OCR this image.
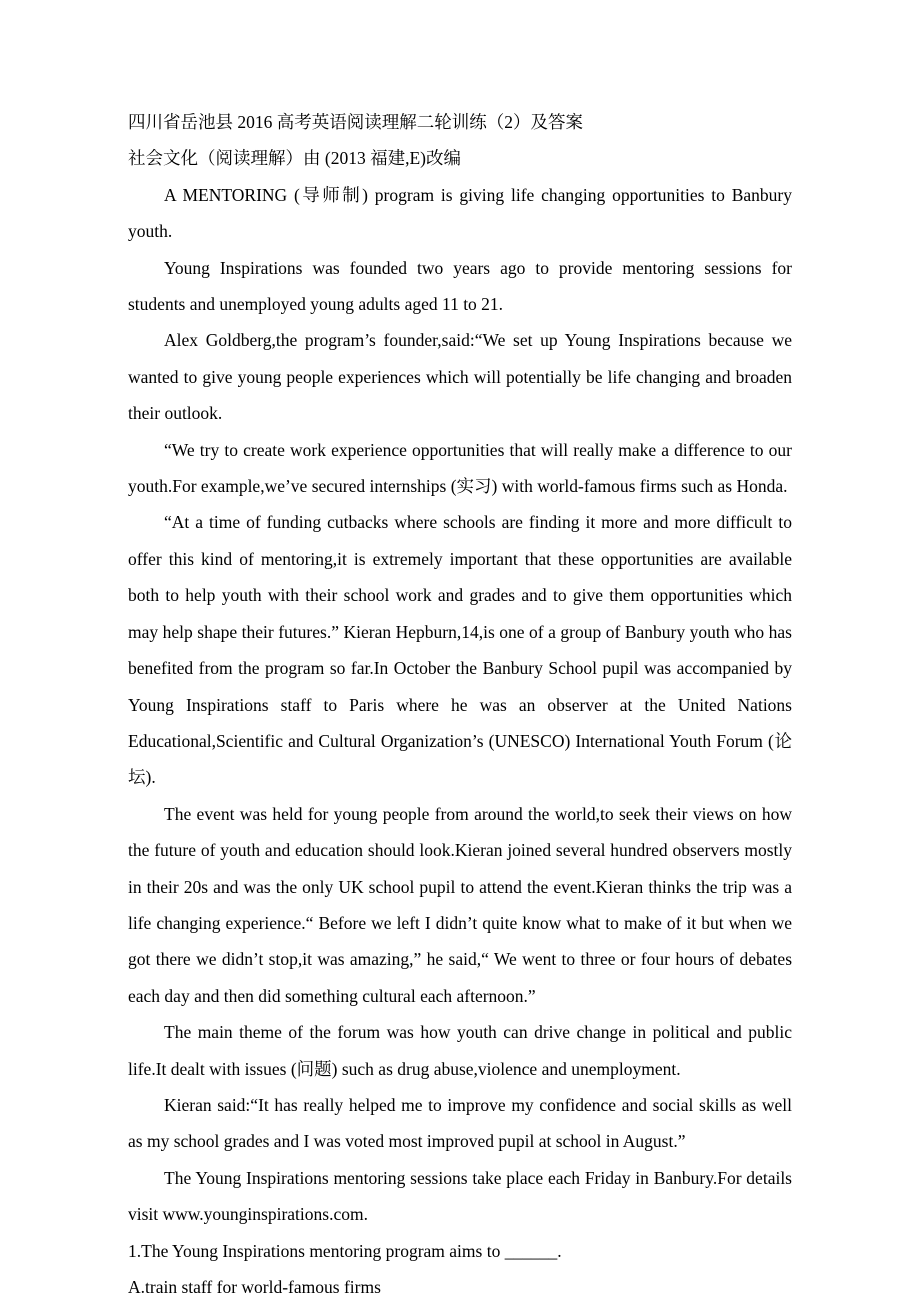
四川省岳池县 2016 高考英语阅读理解二轮训练（2）及答案

社会文化（阅读理解）由 (2013 福建,E)改编

A MENTORING (导师制) program is giving life changing opportunities to Banbury youth.

Young Inspirations was founded two years ago to provide mentoring sessions for students and unemployed young adults aged 11 to 21.

Alex Goldberg,the program’s founder,said:“We set up Young Inspirations because we wanted to give young people experiences which will potentially be life changing and broaden their outlook.

“We try to create work experience opportunities that will really make a difference to our youth.For example,we’ve secured internships (实习) with world-famous firms such as Honda.

“At a time of funding cutbacks where schools are finding it more and more difficult to offer this kind of mentoring,it is extremely important that these opportunities are available both to help youth with their school work and grades and to give them opportunities which may help shape their futures.” Kieran Hepburn,14,is one of a group of Banbury youth who has benefited from the program so far.In October the Banbury School pupil was accompanied by Young Inspirations staff to Paris where he was an observer at the United Nations Educational,Scientific and Cultural Organization’s (UNESCO) International Youth Forum (论坛).

The event was held for young people from around the world,to seek their views on how the future of youth and education should look.Kieran joined several hundred observers mostly in their 20s and was the only UK school pupil to attend the event.Kieran thinks the trip was a life changing experience.“ Before we left I didn’t quite know what to make of it but when we got there we didn’t stop,it was amazing,” he said,“ We went to three or four hours of debates each day and then did something cultural each afternoon.”

The main theme of the forum was how youth can drive change in political and public life.It dealt with issues (问题) such as drug abuse,violence and unemployment.

Kieran said:“It has really helped me to improve my confidence and social skills as well as my school grades and I was voted most improved pupil at school in August.”

The Young Inspirations mentoring sessions take place each Friday in Banbury.For details visit www.younginspirations.com.

1.The Young Inspirations mentoring program aims to ______.

A.train staff for world-famous firms
